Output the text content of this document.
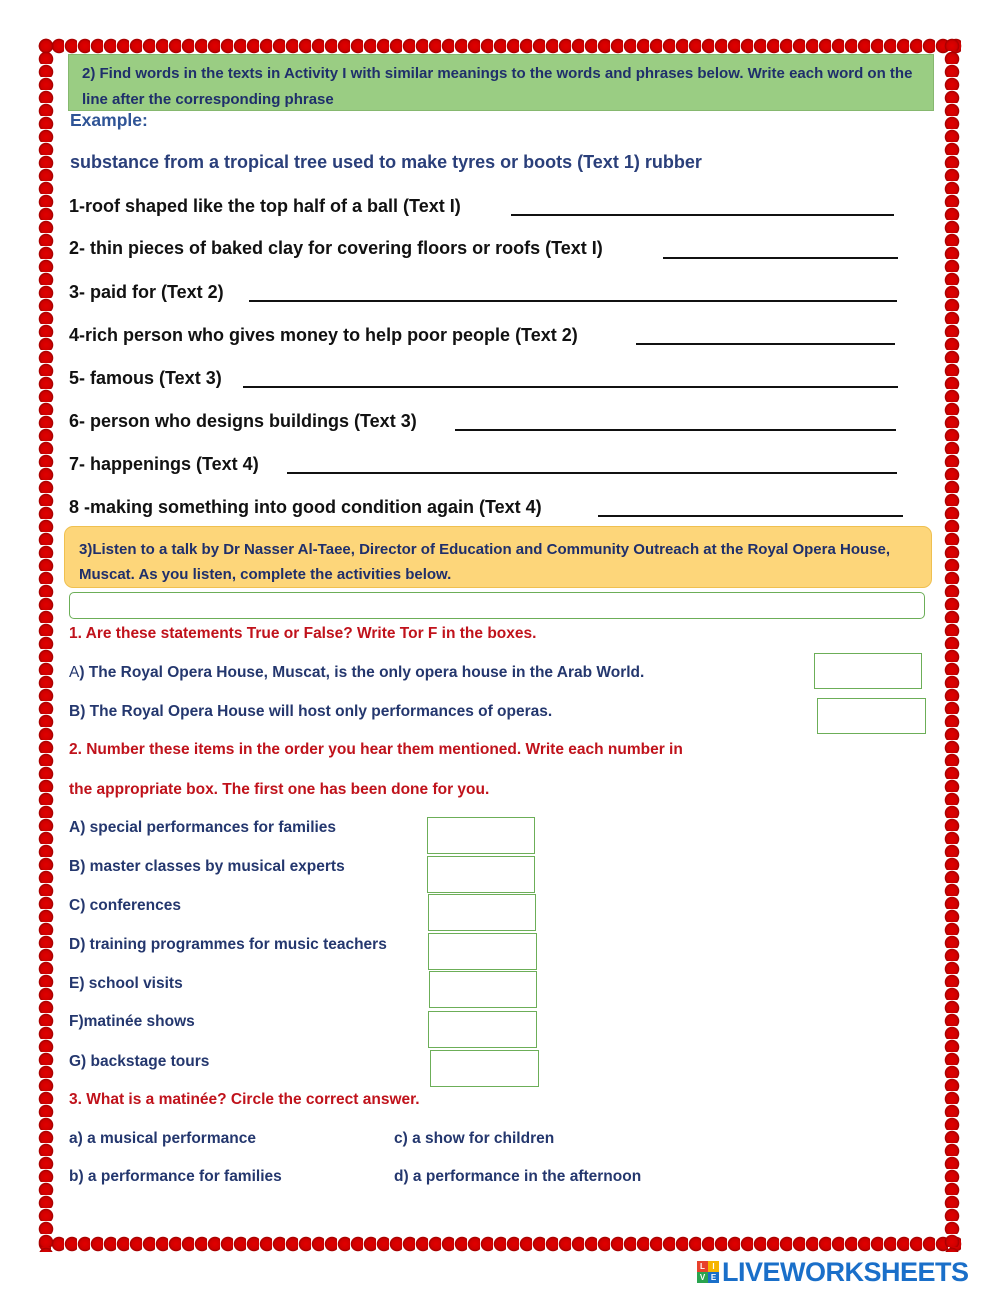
2) Find words in the texts in Activity I with similar meanings to the words and phrases below. Write each word on the line after the corresponding phrase
Example:
substance from a tropical tree used to make tyres or boots (Text 1) rubber
1-roof shaped like the top half of a ball (Text I)
2- thin pieces of baked clay for covering floors or roofs (Text I)
3- paid for (Text 2)
4-rich person who gives money to help poor people (Text 2)
5- famous (Text 3)
6- person who designs buildings (Text 3)
7- happenings (Text 4)
8 -making something into good condition again (Text 4)
3)Listen to a talk by Dr Nasser Al-Taee, Director of Education and Community Outreach at the Royal Opera House, Muscat. As you listen, complete the activities below.
1. Are these statements True or False? Write Tor F in the boxes.
A) The Royal Opera House, Muscat, is the only opera house in the Arab World.
B) The Royal Opera House will host only performances of operas.
2. Number these items in the order you hear them mentioned. Write each number in
the appropriate box. The first one has been done for you.
A) special performances for families
B) master classes by musical experts
C) conferences
D) training programmes for music teachers
E) school visits
F)matinée shows
G) backstage tours
3. What is a matinée? Circle the correct answer.
a) a musical performance	c) a show for children
b) a performance for families	d) a performance in the afternoon
L I
V E LIVEWORKSHEETS
